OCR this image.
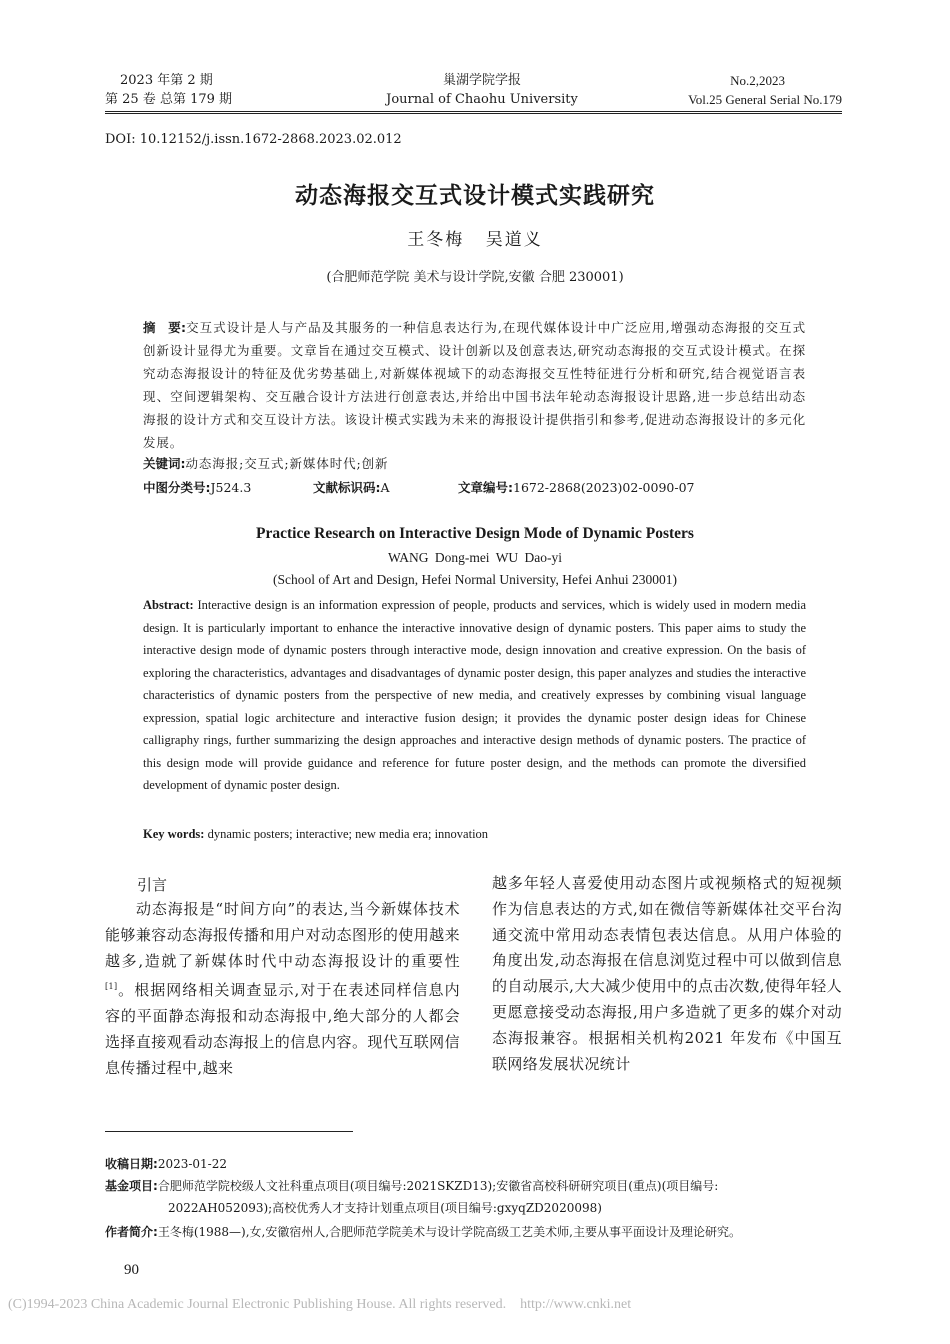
2023 年第 2 期
第 25 卷 总第 179 期
巢湖学院学报
Journal of Chaohu University
No.2,2023
Vol.25 General Serial No.179
DOI: 10.12152/j.issn.1672-2868.2023.02.012
动态海报交互式设计模式实践研究
王冬梅 吴道义
(合肥师范学院 美术与设计学院,安徽 合肥 230001)
摘　要:交互式设计是人与产品及其服务的一种信息表达行为,在现代媒体设计中广泛应用,增强动态海报的交互式创新设计显得尤为重要。文章旨在通过交互模式、设计创新以及创意表达,研究动态海报的交互式设计模式。在探究动态海报设计的特征及优劣势基础上,对新媒体视域下的动态海报交互性特征进行分析和研究,结合视觉语言表现、空间逻辑架构、交互融合设计方法进行创意表达,并给出中国书法年轮动态海报设计思路,进一步总结出动态海报的设计方式和交互设计方法。该设计模式实践为未来的海报设计提供指引和参考,促进动态海报设计的多元化发展。
关键词:动态海报;交互式;新媒体时代;创新
中图分类号:J524.3	文献标识码:A	文章编号:1672-2868(2023)02-0090-07
Practice Research on Interactive Design Mode of Dynamic Posters
WANG Dong-mei WU Dao-yi
(School of Art and Design, Hefei Normal University, Hefei Anhui 230001)
Abstract: Interactive design is an information expression of people, products and services, which is widely used in modern media design. It is particularly important to enhance the interactive innovative design of dynamic posters. This paper aims to study the interactive design mode of dynamic posters through interactive mode, design innovation and creative expression. On the basis of exploring the characteristics, advantages and disadvantages of dynamic poster design, this paper analyzes and studies the interactive characteristics of dynamic posters from the perspective of new media, and creatively expresses by combining visual language expression, spatial logic architecture and interactive fusion design; it provides the dynamic poster design ideas for Chinese calligraphy rings, further summarizing the design approaches and interactive design methods of dynamic posters. The practice of this design mode will provide guidance and reference for future poster design, and the methods can promote the diversified development of dynamic poster design.
Key words: dynamic posters; interactive; new media era; innovation
引言
动态海报是“时间方向”的表达,当今新媒体技术能够兼容动态海报传播和用户对动态图形的使用越来越多,造就了新媒体时代中动态海报设计的重要性[1]。根据网络相关调查显示,对于在表述同样信息内容的平面静态海报和动态海报中,绝大部分的人都会选择直接观看动态海报上的信息内容。现代互联网信息传播过程中,越来
越多年轻人喜爱使用动态图片或视频格式的短视频作为信息表达的方式,如在微信等新媒体社交平台沟通交流中常用动态表情包表达信息。从用户体验的角度出发,动态海报在信息浏览过程中可以做到信息的自动展示,大大减少使用中的点击次数,使得年轻人更愿意接受动态海报,用户多造就了更多的媒介对动态海报兼容。根据相关机构2021 年发布《中国互联网络发展状况统计
收稿日期:2023-01-22
基金项目:合肥师范学院校级人文社科重点项目(项目编号:2021SKZD13);安徽省高校科研研究项目(重点)(项目编号:
2022AH052093);高校优秀人才支持计划重点项目(项目编号:gxyqZD2020098)
作者简介:王冬梅(1988—),女,安徽宿州人,合肥师范学院美术与设计学院高级工艺美术师,主要从事平面设计及理论研究。
90
(C)1994-2023 China Academic Journal Electronic Publishing House. All rights reserved.    http://www.cnki.net
